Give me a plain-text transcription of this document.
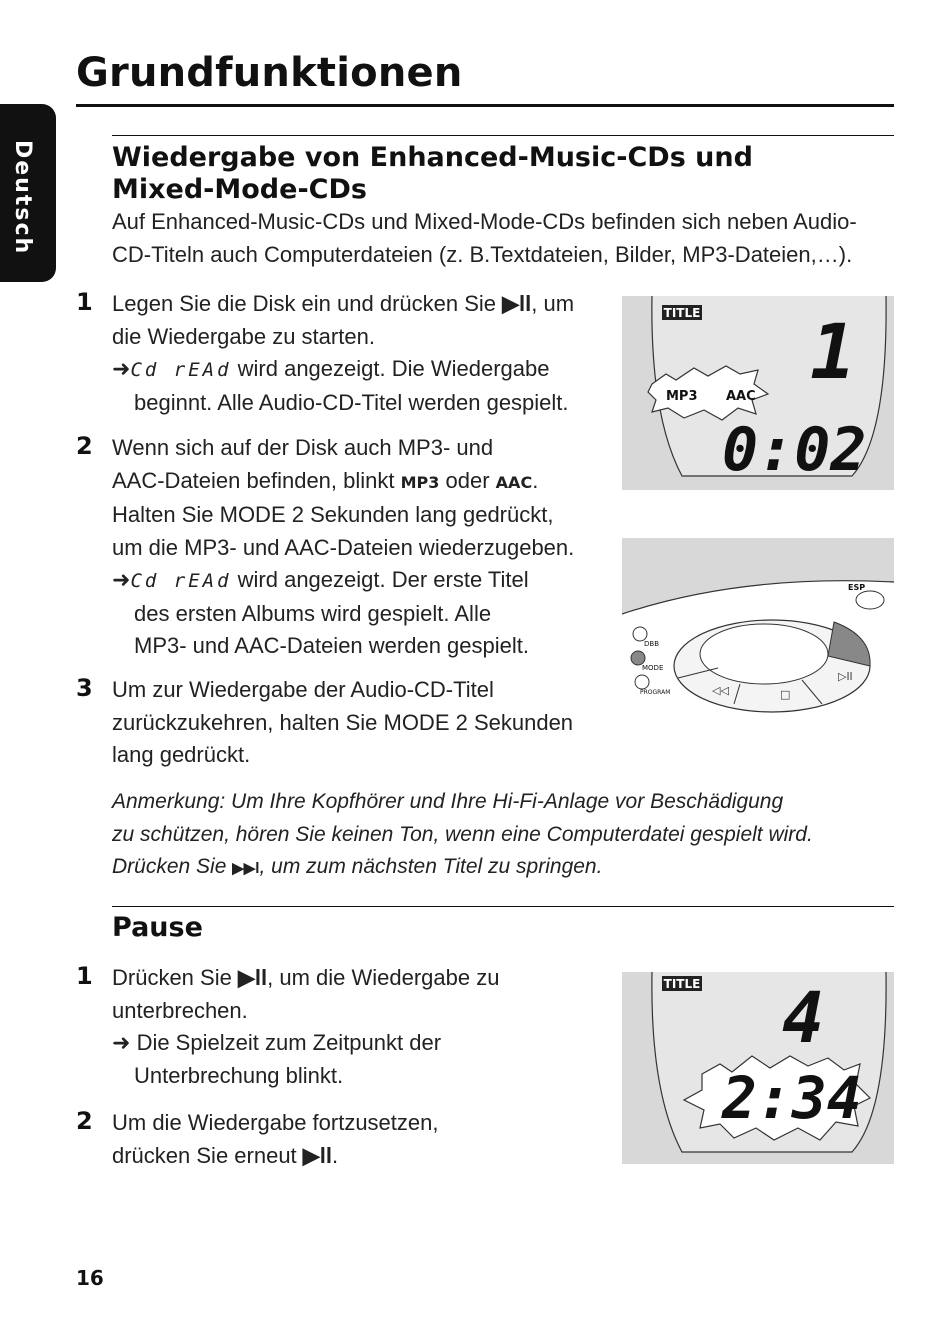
Grundfunktionen
Deutsch	Wiedergabe von Enhanced-Music-CDs und
Mixed-Mode-CDs

Auf Enhanced-Music-CDs und Mixed-Mode-CDs befinden sich neben Audio-
CD-Titeln auch Computerdateien (z. B.Textdateien, Bilder, MP3-Dateien,…).

1 Legen Sie die Disk ein und drücken Sie ▶ll, um
die Wiedergabe zu starten.
➜Cd rEAd wird angezeigt. Die Wiedergabe
beginnt. Alle Audio-CD-Titel werden gespielt.

2 Wenn sich auf der Disk auch MP3- und
AAC-Dateien befinden, blinkt MP3 oder AAC.
Halten Sie MODE 2 Sekunden lang gedrückt,
um die MP3- und AAC-Dateien wiederzugeben.
➜Cd rEAd wird angezeigt. Der erste Titel
des ersten Albums wird gespielt. Alle
MP3- und AAC-Dateien werden gespielt.

3 Um zur Wiedergabe der Audio-CD-Titel
zurückzukehren, halten Sie MODE 2 Sekunden
lang gedrückt.

Anmerkung: Um Ihre Kopfhörer und Ihre Hi-Fi-Anlage vor Beschädigung
zu schützen, hören Sie keinen Ton, wenn eine Computerdatei gespielt wird.
Drücken Sie ▶▶l, um zum nächsten Titel zu springen.

Pause
1 Drücken Sie ▶ll, um die Wiedergabe zu
unterbrechen.
➜ Die Spielzeit zum Zeitpunkt der
Unterbrechung blinkt.

2 Um die Wiedergabe fortzusetzen,
drücken Sie erneut ▶ll.

TITLE 1
0:02
MP3 AAC
◁◁	□
▷ll
DBB
MODE
PROGRAM
ESP
TITLE 4
2:34
16
